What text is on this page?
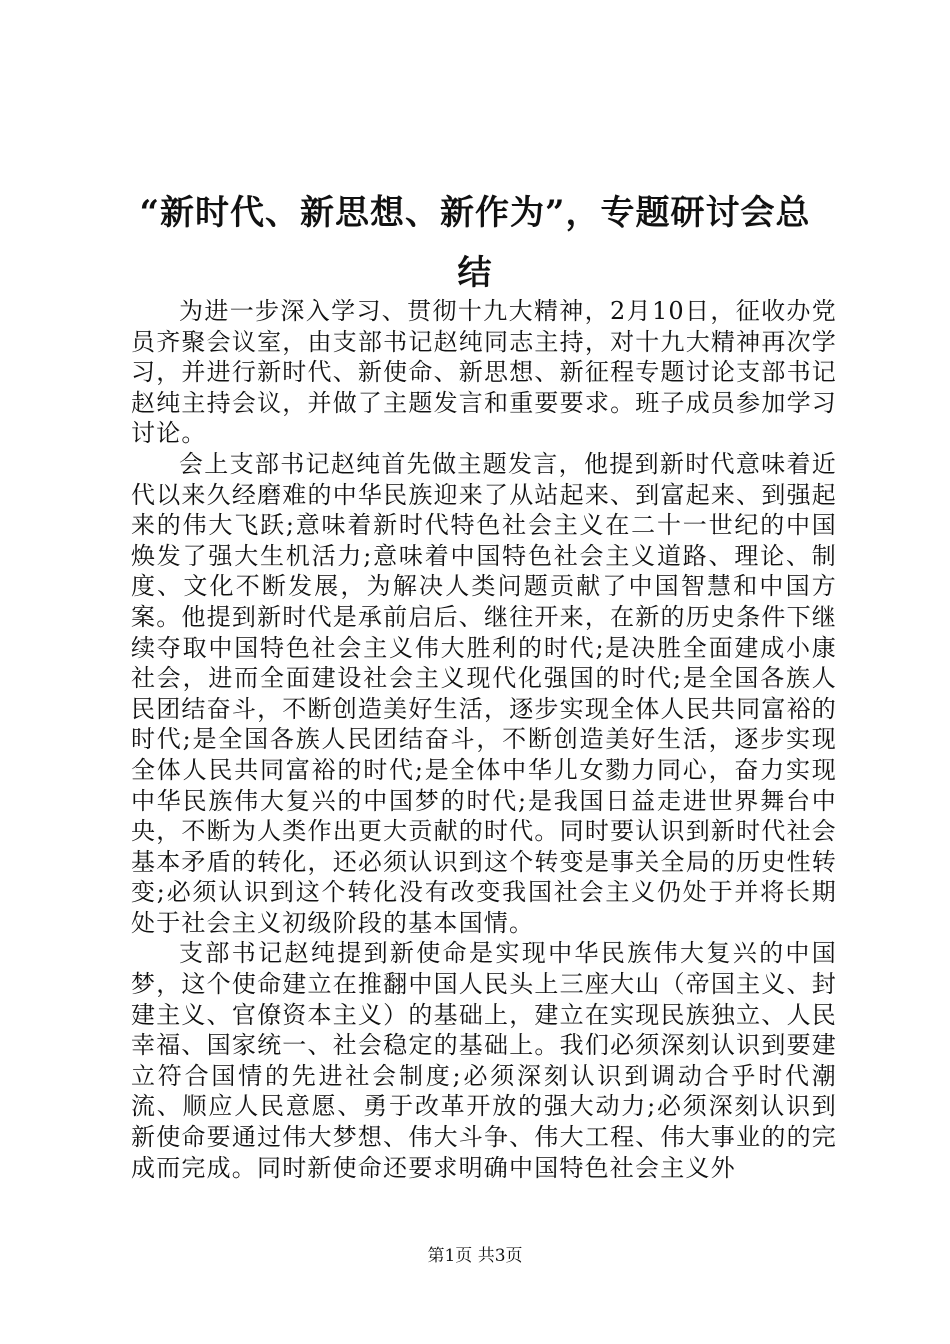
“新时代、新思想、新作为”，专题研讨会总结

为进一步深入学习、贯彻十九大精神，2月10日，征收办党员齐聚会议室，由支部书记赵纯同志主持，对十九大精神再次学习，并进行新时代、新使命、新思想、新征程专题讨论支部书记赵纯主持会议，并做了主题发言和重要要求。班子成员参加学习讨论。

会上支部书记赵纯首先做主题发言，他提到新时代意味着近代以来久经磨难的中华民族迎来了从站起来、到富起来、到强起来的伟大飞跃;意味着新时代特色社会主义在二十一世纪的中国焕发了强大生机活力;意味着中国特色社会主义道路、理论、制度、文化不断发展，为解决人类问题贡献了中国智慧和中国方案。他提到新时代是承前启后、继往开来，在新的历史条件下继续夺取中国特色社会主义伟大胜利的时代;是决胜全面建成小康社会，进而全面建设社会主义现代化强国的时代;是全国各族人民团结奋斗，不断创造美好生活，逐步实现全体人民共同富裕的时代;是全国各族人民团结奋斗，不断创造美好生活，逐步实现全体人民共同富裕的时代;是全体中华儿女勠力同心，奋力实现中华民族伟大复兴的中国梦的时代;是我国日益走进世界舞台中央，不断为人类作出更大贡献的时代。同时要认识到新时代社会基本矛盾的转化，还必须认识到这个转变是事关全局的历史性转变;必须认识到这个转化没有改变我国社会主义仍处于并将长期处于社会主义初级阶段的基本国情。

支部书记赵纯提到新使命是实现中华民族伟大复兴的中国梦，这个使命建立在推翻中国人民头上三座大山（帝国主义、封建主义、官僚资本主义）的基础上，建立在实现民族独立、人民幸福、国家统一、社会稳定的基础上。我们必须深刻认识到要建立符合国情的先进社会制度;必须深刻认识到调动合乎时代潮流、顺应人民意愿、勇于改革开放的强大动力;必须深刻认识到新使命要通过伟大梦想、伟大斗争、伟大工程、伟大事业的的完成而完成。同时新使命还要求明确中国特色社会主义外

第1页 共3页
